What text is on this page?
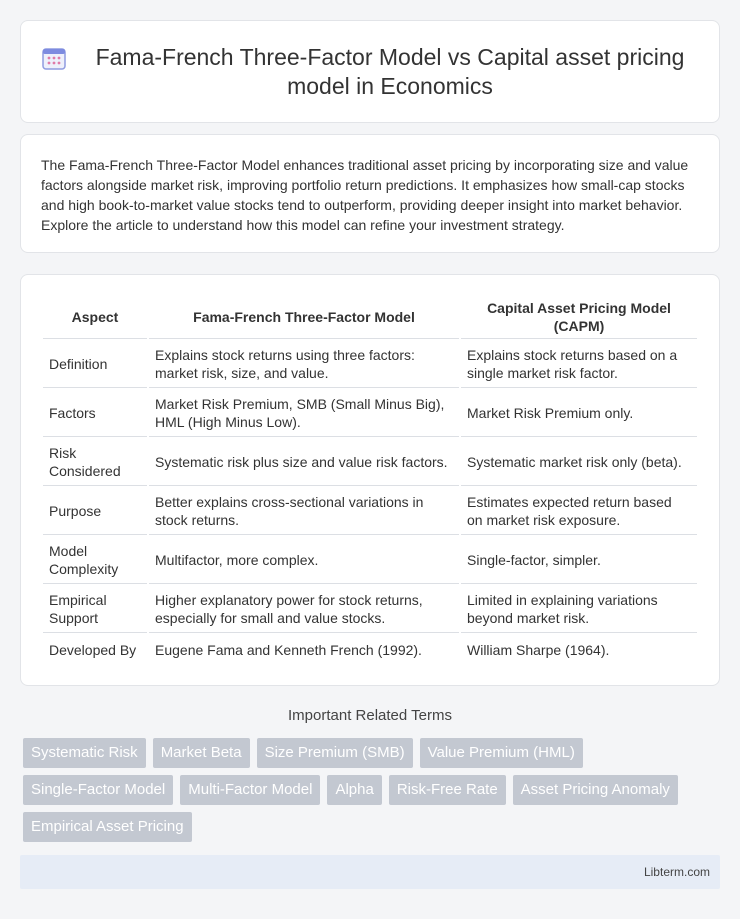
Fama-French Three-Factor Model vs Capital asset pricing model in Economics

The Fama-French Three-Factor Model enhances traditional asset pricing by incorporating size and value factors alongside market risk, improving portfolio return predictions. It emphasizes how small-cap stocks and high book-to-market value stocks tend to outperform, providing deeper insight into market behavior. Explore the article to understand how this model can refine your investment strategy.

Aspect	Fama-French Three-Factor Model	Capital Asset Pricing Model (CAPM)
Definition	Explains stock returns using three factors: market risk, size, and value.	Explains stock returns based on a single market risk factor.
Factors	Market Risk Premium, SMB (Small Minus Big), HML (High Minus Low).	Market Risk Premium only.
Risk Considered	Systematic risk plus size and value risk factors.	Systematic market risk only (beta).
Purpose	Better explains cross-sectional variations in stock returns.	Estimates expected return based on market risk exposure.
Model Complexity	Multifactor, more complex.	Single-factor, simpler.
Empirical Support	Higher explanatory power for stock returns, especially for small and value stocks.	Limited in explaining variations beyond market risk.
Developed By	Eugene Fama and Kenneth French (1992).	William Sharpe (1964).
Important Related Terms
Systematic Risk	Market Beta	Size Premium (SMB)	Value Premium (HML)
Single-Factor Model	Multi-Factor Model	Alpha	Risk-Free Rate	Asset Pricing Anomaly
Empirical Asset Pricing
Libterm.com
